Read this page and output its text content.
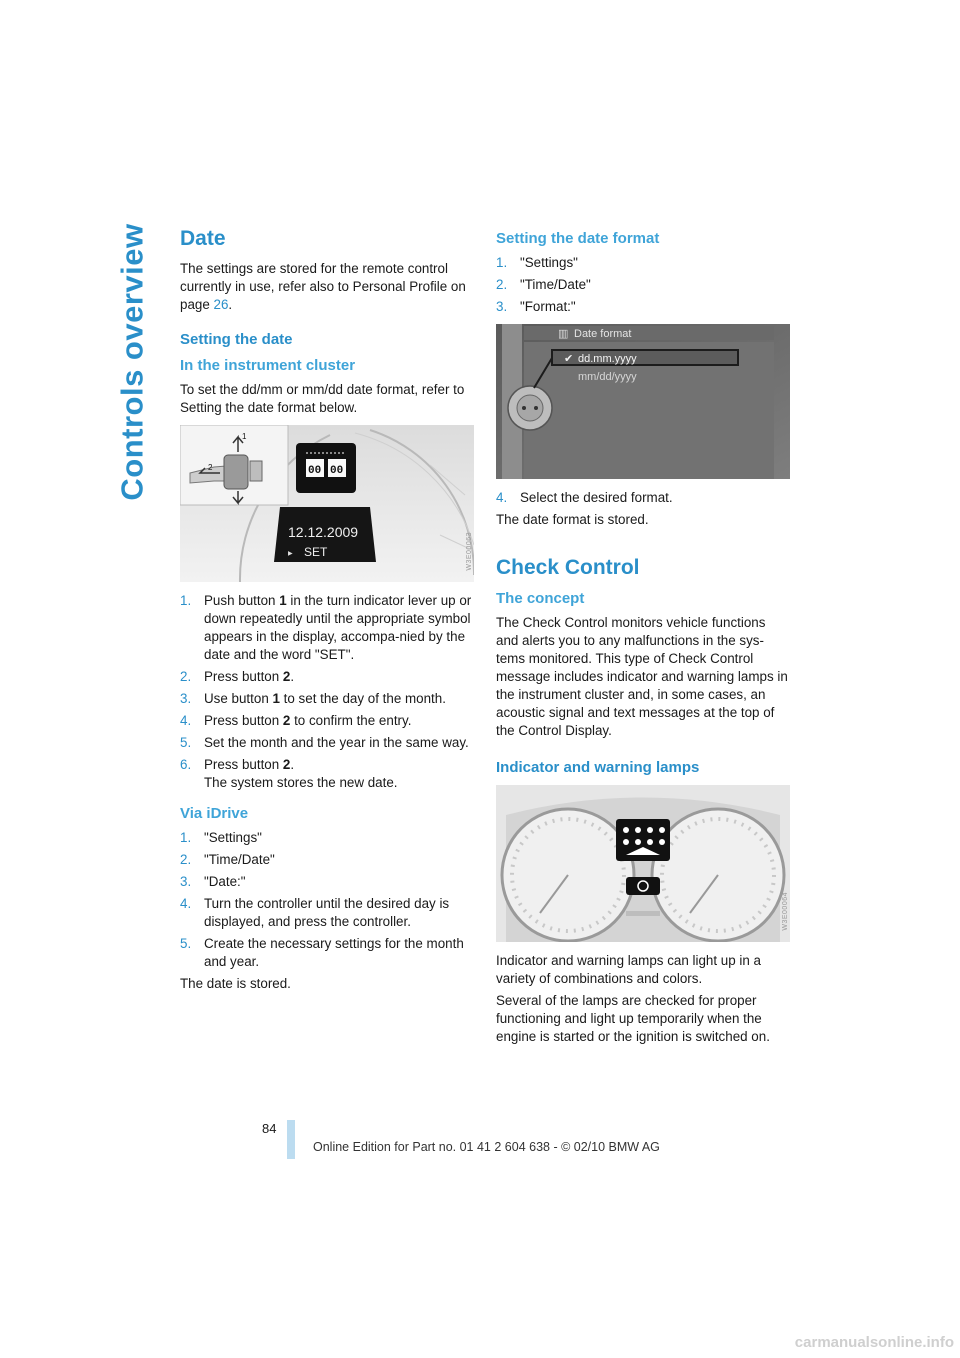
Controls overview Date

The settings are stored for the remote control currently in use, refer also to Personal Profile on page 26.

Setting the date
In the instrument cluster

To set the dd/mm or mm/dd date format, refer to Setting the date format below.

1
2	00 00
12.12.2009
▶ SET	W3E00063
1. Push button 1 in the turn indicator lever up or down repeatedly until the appropriate symbol appears in the display, accompa-nied by the date and the word "SET".
2. Press button 2.
3. Use button 1 to set the day of the month.
4. Press button 2 to confirm the entry.
5. Set the month and the year in the same way.
6. Press button 2.
The system stores the new date.
Via iDrive
1. "Settings"
2. "Time/Date"
3. "Date:"
4. Turn the controller until the desired day is displayed, and press the controller.
5. Create the necessary settings for the month and year.

The date is stored.

Setting the date format
1. "Settings"
2. "Time/Date"
3. "Format:"
▥ Date format
✔ dd.mm.yyyy
mm/dd/yyyy
4. Select the desired format.

The date format is stored.

Check Control
The concept

The Check Control monitors vehicle functions and alerts you to any malfunctions in the sys-tems monitored. This type of Check Control message includes indicator and warning lamps in the instrument cluster and, in some cases, an acoustic signal and text messages at the top of the Control Display.

Indicator and warning lamps
W3E00064

Indicator and warning lamps can light up in a variety of combinations and colors.

Several of the lamps are checked for proper functioning and light up temporarily when the engine is started or the ignition is switched on.

84
Online Edition for Part no. 01 41 2 604 638 - © 02/10 BMW AG
carmanualsonline.info
